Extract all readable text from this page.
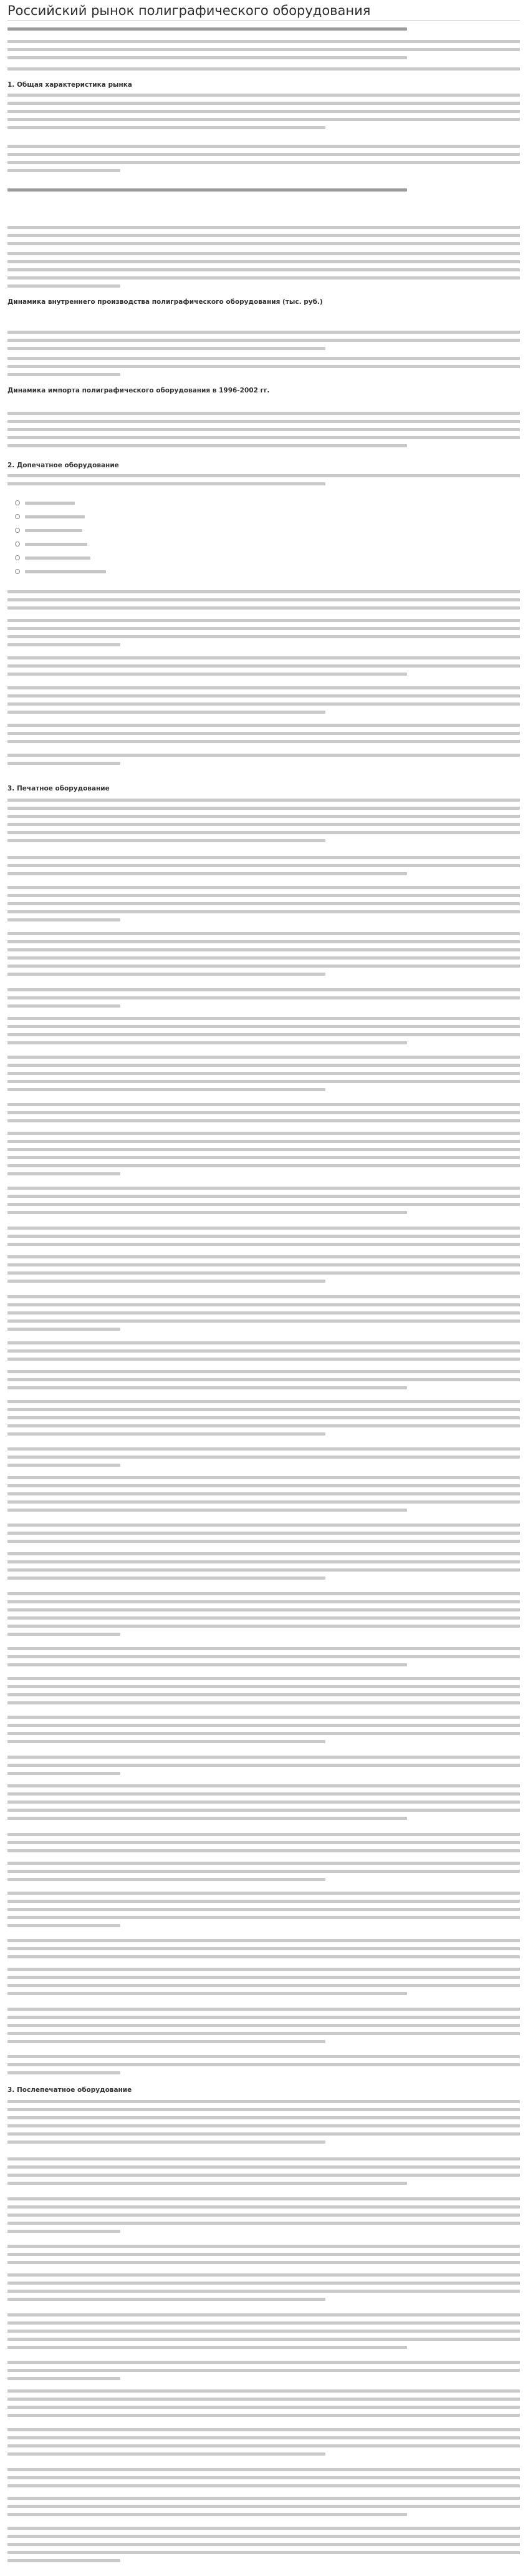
Российский рынок полиграфического оборудования
1. Общая характеристика рынка
Динамика внутреннего производства полиграфического оборудования (тыс. руб.)
Динамика импорта полиграфического оборудования в 1996-2002 гг.
2. Допечатное оборудование
3. Печатное оборудование
3. Послепечатное оборудование
